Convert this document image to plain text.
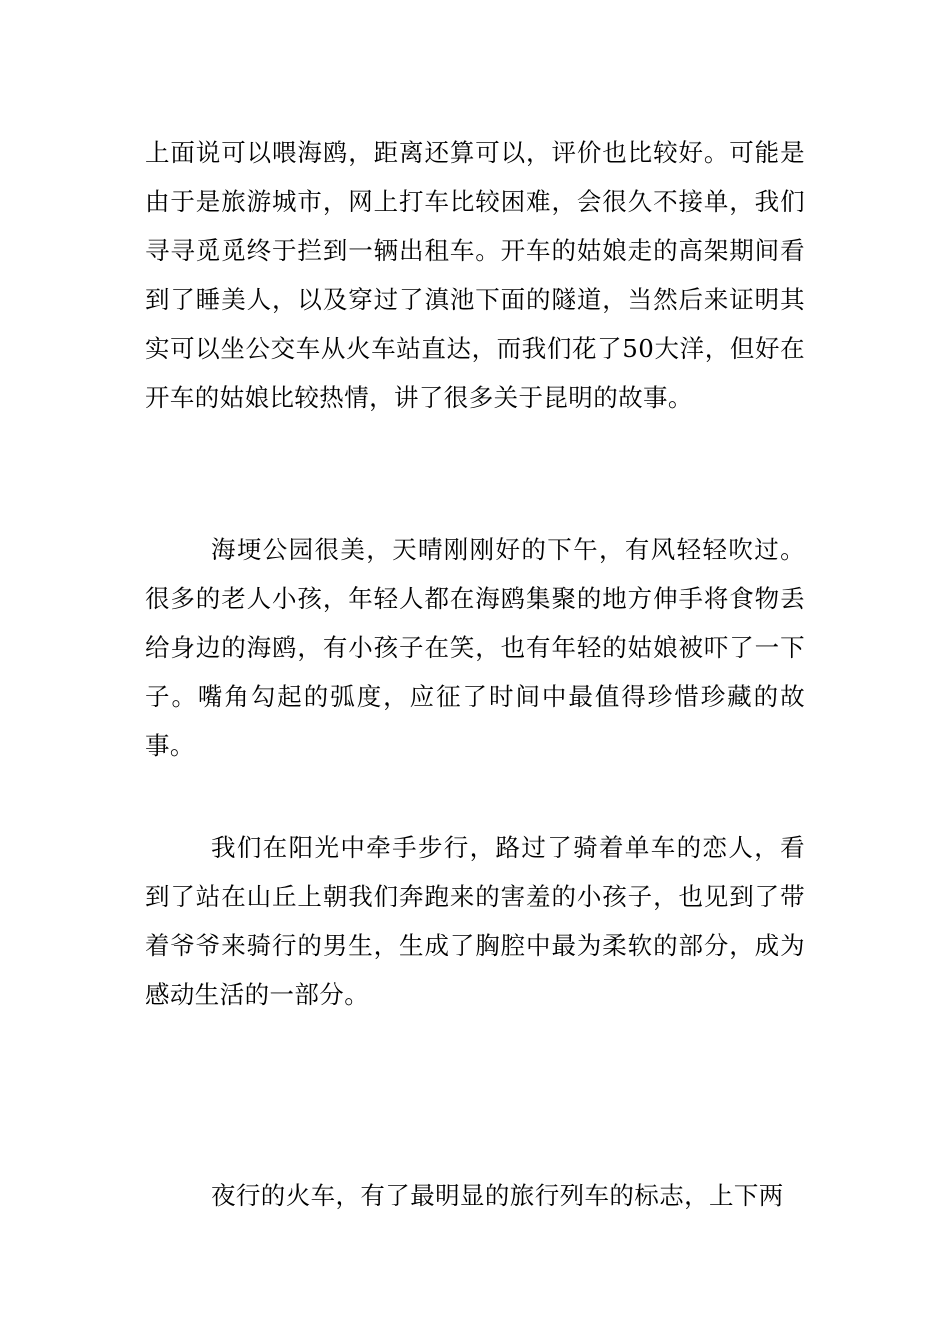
上面说可以喂海鸥，距离还算可以，评价也比较好。可能是由于是旅游城市，网上打车比较困难，会很久不接单，我们寻寻觅觅终于拦到一辆出租车。开车的姑娘走的高架期间看到了睡美人，以及穿过了滇池下面的隧道，当然后来证明其实可以坐公交车从火车站直达，而我们花了50大洋，但好在开车的姑娘比较热情，讲了很多关于昆明的故事。

海埂公园很美，天晴刚刚好的下午，有风轻轻吹过。很多的老人小孩，年轻人都在海鸥集聚的地方伸手将食物丢给身边的海鸥，有小孩子在笑，也有年轻的姑娘被吓了一下子。嘴角勾起的弧度，应征了时间中最值得珍惜珍藏的故事。

我们在阳光中牵手步行，路过了骑着单车的恋人，看到了站在山丘上朝我们奔跑来的害羞的小孩子，也见到了带着爷爷来骑行的男生，生成了胸腔中最为柔软的部分，成为感动生活的一部分。

夜行的火车，有了最明显的旅行列车的标志，上下两
